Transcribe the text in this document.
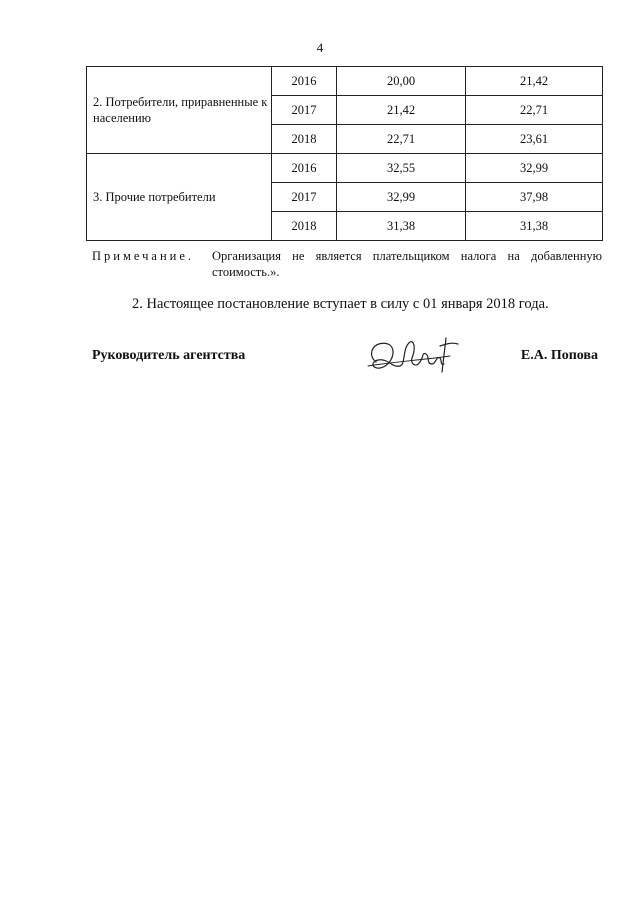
4
2. Потребители, приравненные к населению	2016	20,00	21,42
	2017	21,42	22,71
	2018	22,71	23,61
3. Прочие потребители	2016	32,55	32,99
	2017	32,99	37,98
	2018	31,38	31,38
Примечание. Организация не является плательщиком налога на добавленную стоимость.».
2. Настоящее постановление вступает в силу с 01 января 2018 года.
Руководитель агентства	Е.А. Попова
